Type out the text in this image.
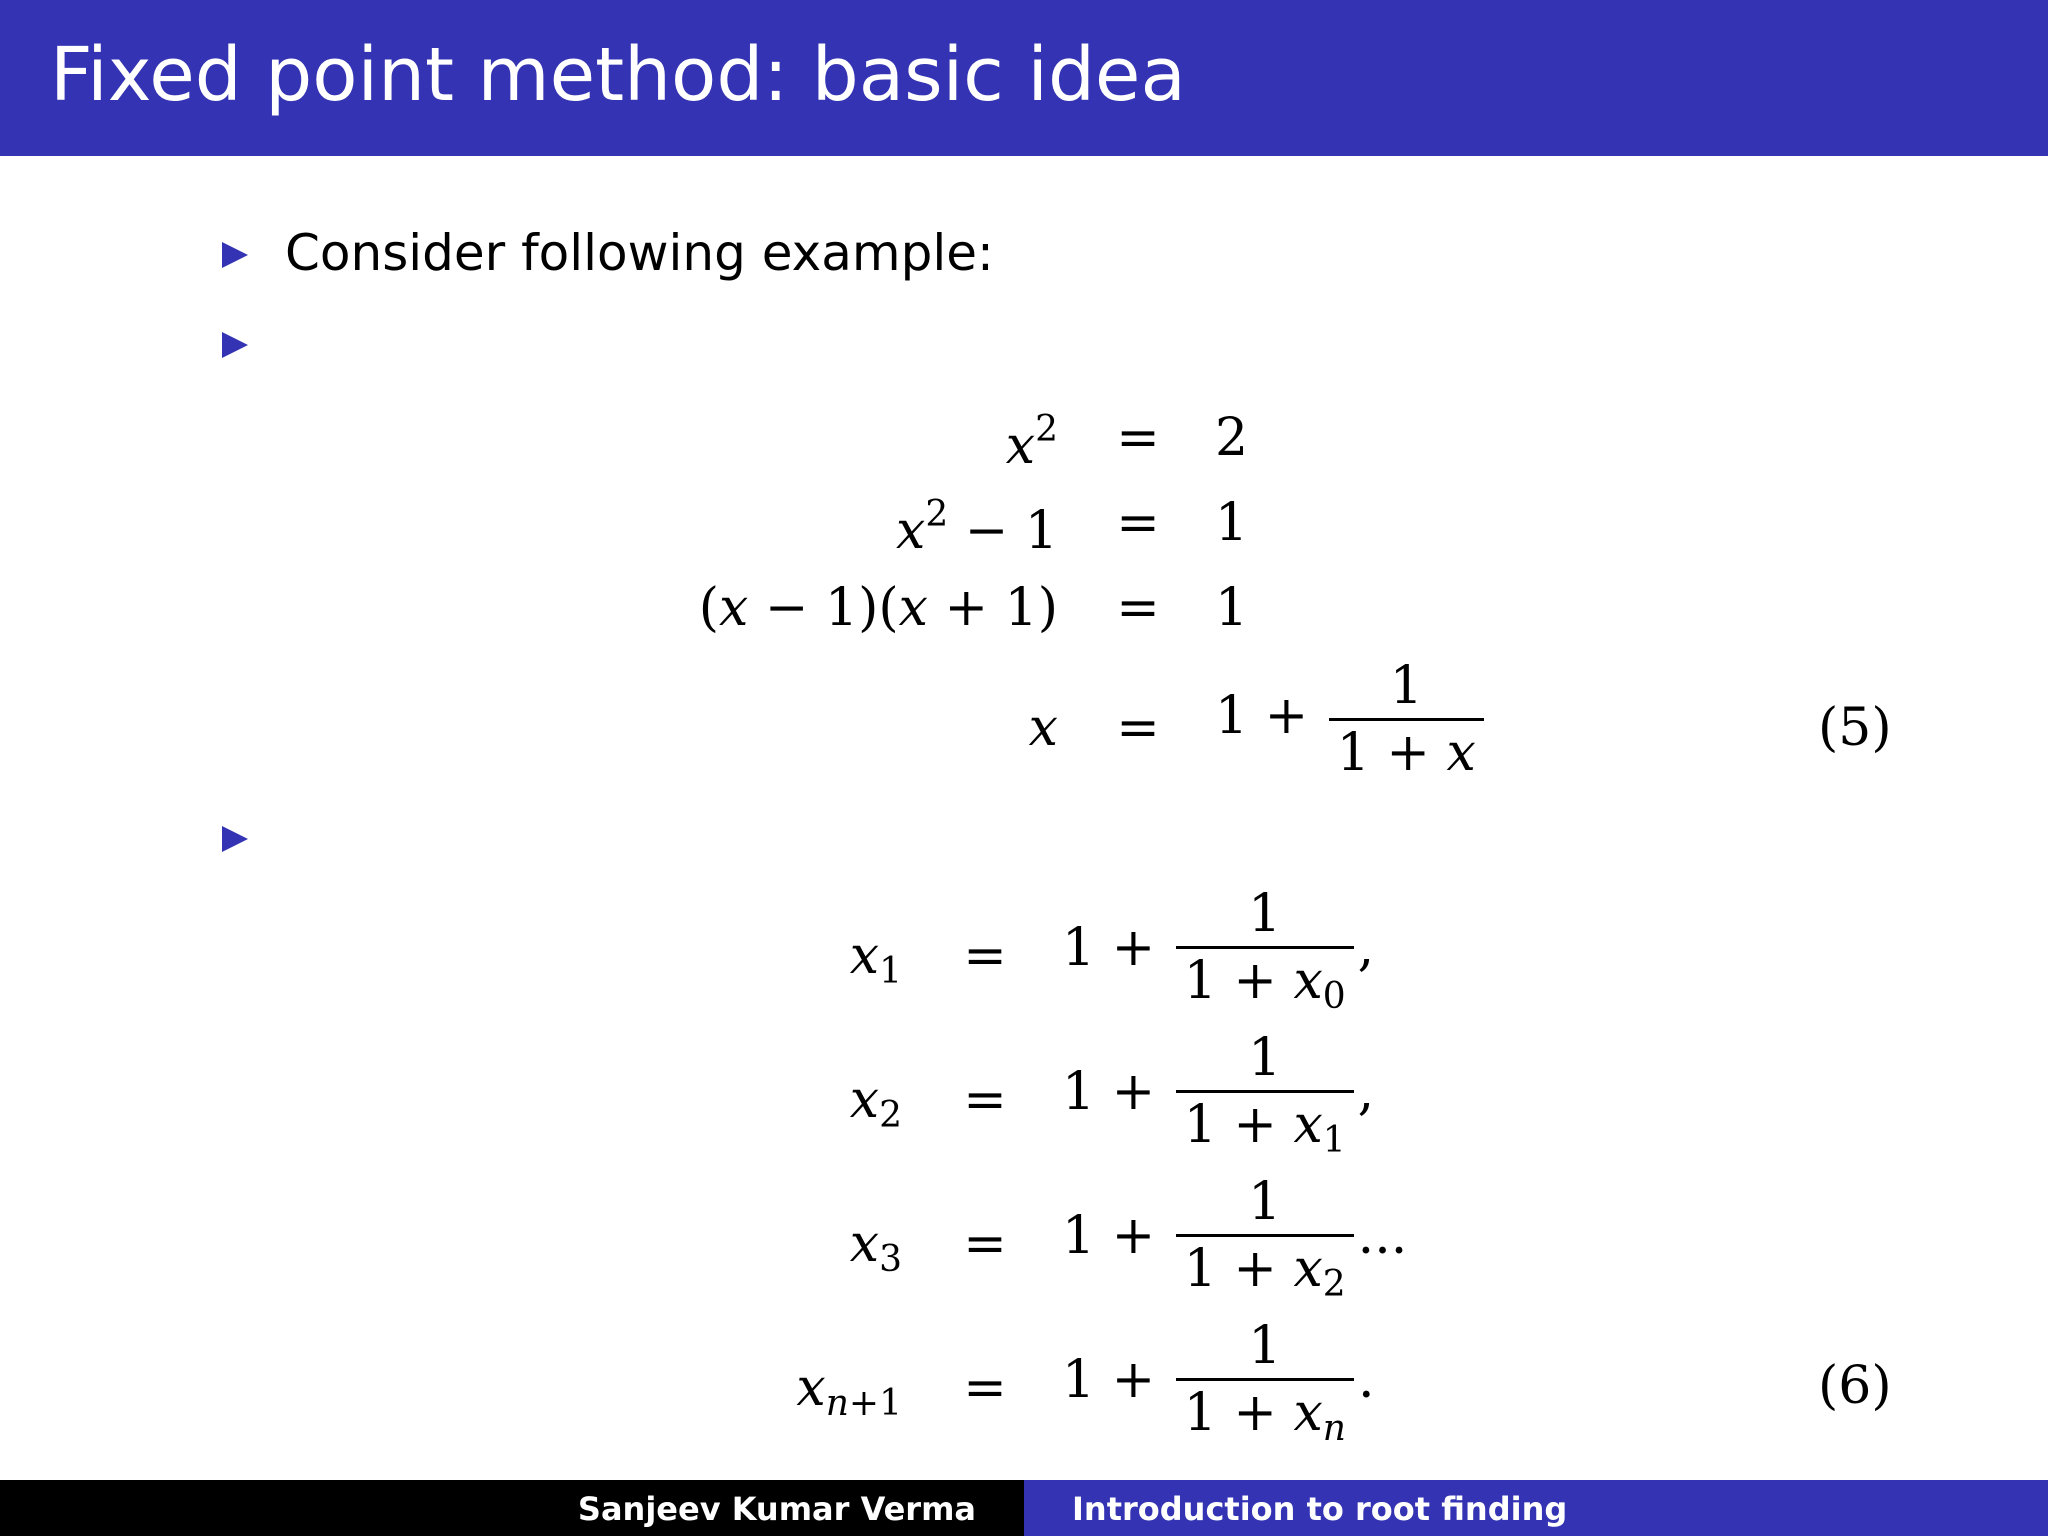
Fixed point method: basic idea
Consider following example:
$x^2 = 2$
$x^2 - 1 = 1$
(x − 1)(x + 1) = 1
$x = 1 + \frac{1}{1 + x}$	(5)
$x_1 = 1 + \frac{1}{1 + x_0}$ ,
$x_2 = 1 + \frac{1}{1 + x_1}$ ,
$x_3 = 1 + \frac{1}{1 + x_2}$ ...
$x_{n+1} = 1 + \frac{1}{1 + x_n}$ .	(6)
Sanjeev Kumar Verma	Introduction to root finding
